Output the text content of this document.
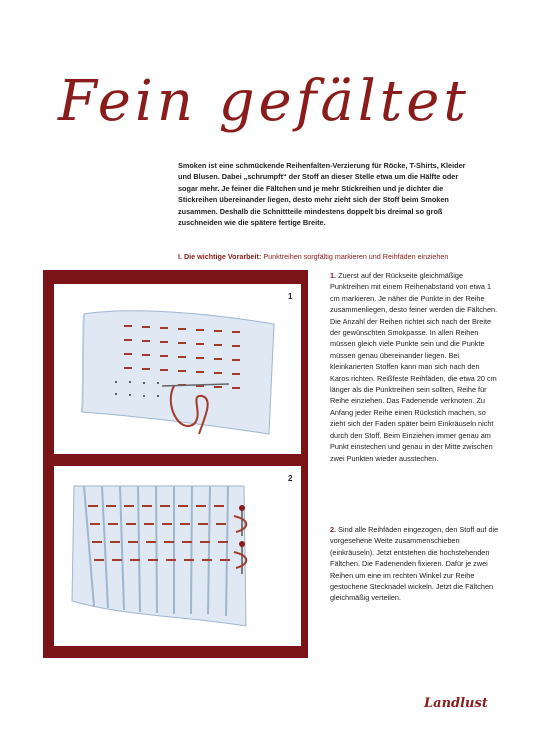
Fein gefältet
Smoken ist eine schmückende Reihenfalten-Verzierung für Röcke, T-Shirts, Kleider und Blusen. Dabei „schrumpft“ der Stoff an dieser Stelle etwa um die Hälfte oder sogar mehr. Je feiner die Fältchen und je mehr Stickreihen und je dichter die Stickreihen übereinander liegen, desto mehr zieht sich der Stoff beim Smoken zusammen. Deshalb die Schnittteile mindestens doppelt bis dreimal so groß zuschneiden wie die spätere fertige Breite.
I. Die wichtige Vorarbeit: Punktreihen sorgfältig markieren und Reihfäden einziehen
1
2
1. Zuerst auf der Rückseite gleichmäßige Punktreihen mit einem Reihenabstand von etwa 1 cm markieren. Je näher die Punkte in der Reihe zusammenliegen, desto feiner werden die Fältchen. Die Anzahl der Reihen richtet sich nach der Breite der gewünschten Smokpasse. In allen Reihen müssen gleich viele Punkte sein und die Punkte müssen genau übereinander liegen. Bei kleinkarierten Stoffen kann man sich nach den Karos richten. Reißfeste Reihfäden, die etwa 20 cm länger als die Punktreihen sein sollten, Reihe für Reihe einziehen. Das Fadenende verknoten. Zu Anfang jeder Reihe einen Rückstich machen, so zieht sich der Faden später beim Einkräuseln nicht durch den Stoff. Beim Einziehen immer genau am Punkt einstechen und genau in der Mitte zwischen zwei Punkten wieder ausstechen.
2. Sind alle Reihfäden eingezogen, den Stoff auf die vorgesehene Weite zusammenschieben (einkräuseln). Jetzt entstehen die hochstehenden Fältchen. Die Fadenenden fixieren. Dafür je zwei Reihen um eine im rechten Winkel zur Reihe gestochene Stecknadel wickeln. Jetzt die Fältchen gleichmäßig verteilen.
Landlust
